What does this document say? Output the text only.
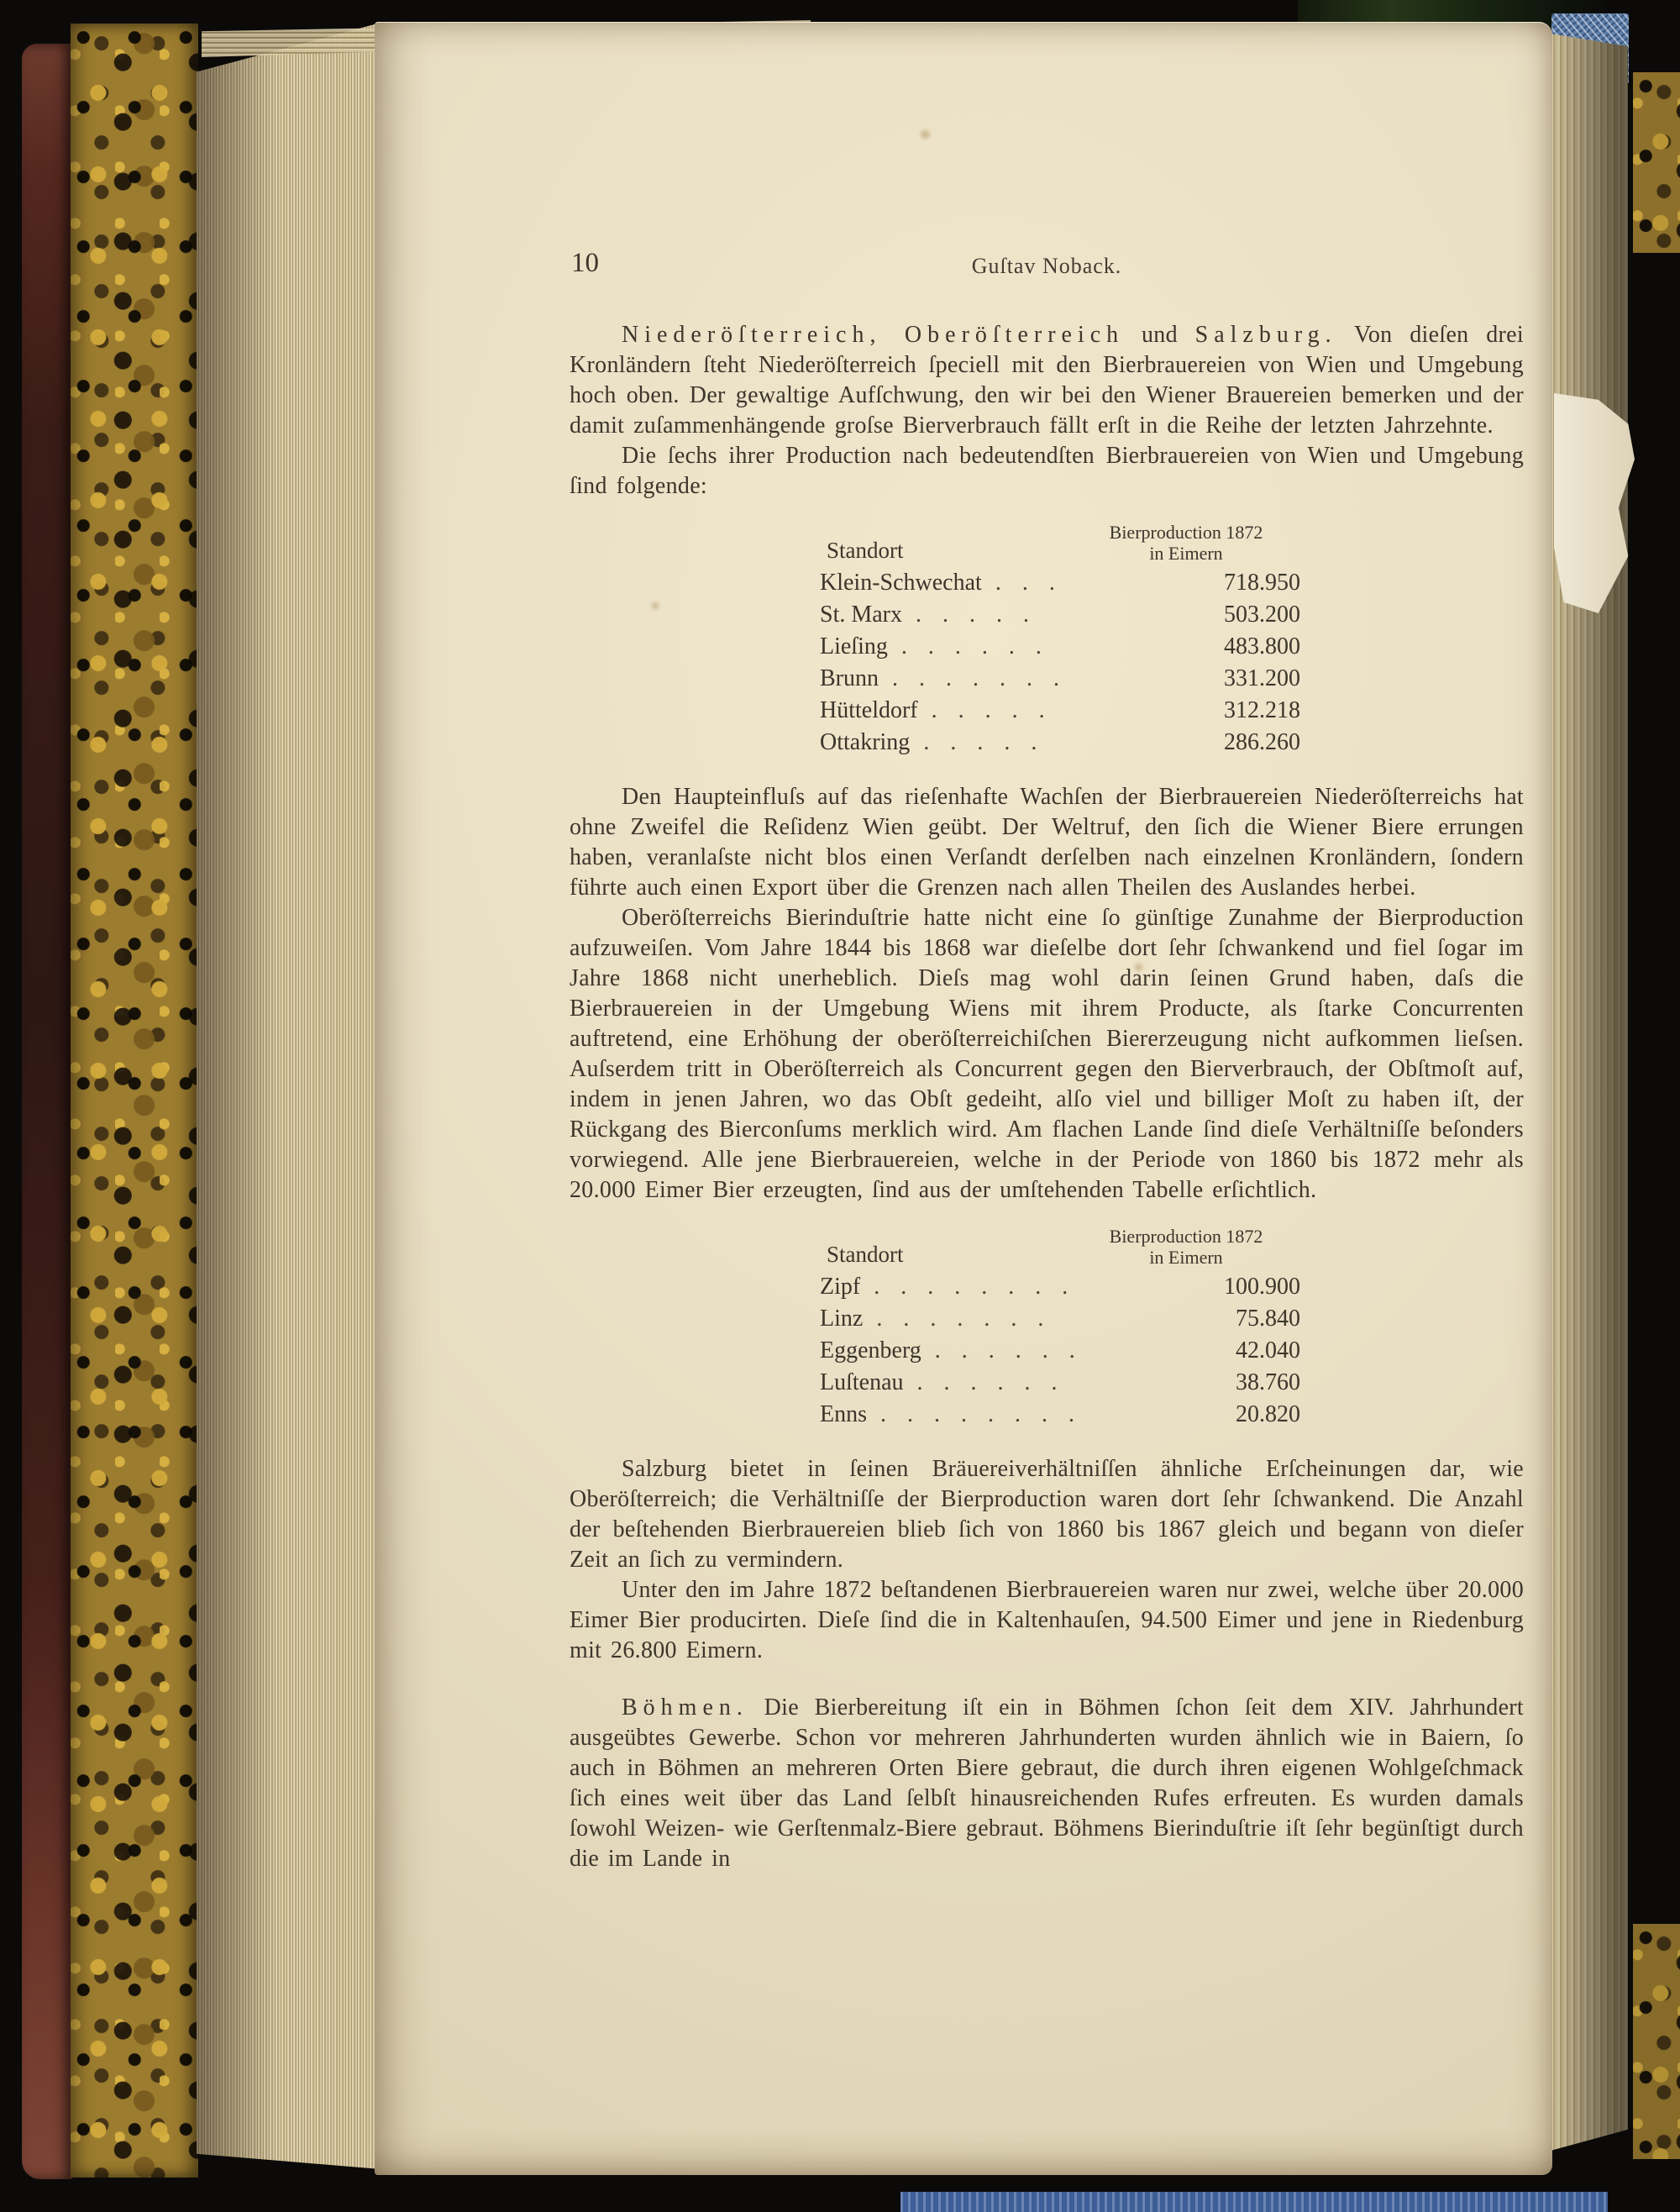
10	Guſtav Noback.

Niederöſterreich, Oberöſterreich und Salzburg. Von dieſen drei Kronländern ſteht Niederöſterreich ſpeciell mit den Bierbrauereien von Wien und Umgebung hoch oben. Der gewaltige Aufſchwung, den wir bei den Wiener Brauereien bemerken und der damit zuſammenhängende groſse Bierverbrauch fällt erſt in die Reihe der letzten Jahrzehnte.

Die ſechs ihrer Production nach bedeutendſten Bierbrauereien von Wien und Umgebung ſind folgende:

Standort
Bierproduction 1872
in Eimern
Klein-Schwechat . . .	718.950
St. Marx . . . . .	503.200
Lieſing . . . . . .	483.800
Brunn . . . . . . .	331.200
Hütteldorf . . . . .	312.218
Ottakring . . . . .	286.260

Den Haupteinfluſs auf das rieſenhafte Wachſen der Bierbrauereien Niederöſterreichs hat ohne Zweifel die Reſidenz Wien geübt. Der Weltruf, den ſich die Wiener Biere errungen haben, veranlaſste nicht blos einen Verſandt derſelben nach einzelnen Kronländern, ſondern führte auch einen Export über die Grenzen nach allen Theilen des Auslandes herbei.

Oberöſterreichs Bierinduſtrie hatte nicht eine ſo günſtige Zunahme der Bierproduction aufzuweiſen. Vom Jahre 1844 bis 1868 war dieſelbe dort ſehr ſchwankend und fiel ſogar im Jahre 1868 nicht unerheblich. Dieſs mag wohl darin ſeinen Grund haben, daſs die Bierbrauereien in der Umgebung Wiens mit ihrem Producte, als ſtarke Concurrenten auftretend, eine Erhöhung der oberöſterreichiſchen Biererzeugung nicht aufkommen lieſsen. Auſserdem tritt in Oberöſterreich als Concurrent gegen den Bierverbrauch, der Obſtmoſt auf, indem in jenen Jahren, wo das Obſt gedeiht, alſo viel und billiger Moſt zu haben iſt, der Rückgang des Bierconſums merklich wird. Am flachen Lande ſind dieſe Verhältniſſe beſonders vorwiegend. Alle jene Bierbrauereien, welche in der Periode von 1860 bis 1872 mehr als 20.000 Eimer Bier erzeugten, ſind aus der umſtehenden Tabelle erſichtlich.

Standort
Bierproduction 1872
in Eimern
Zipf . . . . . . . .	100.900
Linz . . . . . . .	75.840
Eggenberg . . . . . .	42.040
Luſtenau . . . . . .	38.760
Enns . . . . . . . .	20.820

Salzburg bietet in ſeinen Bräuereiverhältniſſen ähnliche Erſcheinungen dar, wie Oberöſterreich; die Verhältniſſe der Bierproduction waren dort ſehr ſchwankend. Die Anzahl der beſtehenden Bierbrauereien blieb ſich von 1860 bis 1867 gleich und begann von dieſer Zeit an ſich zu vermindern.

Unter den im Jahre 1872 beſtandenen Bierbrauereien waren nur zwei, welche über 20.000 Eimer Bier producirten. Dieſe ſind die in Kaltenhauſen, 94.500 Eimer und jene in Riedenburg mit 26.800 Eimern.

Böhmen. Die Bierbereitung iſt ein in Böhmen ſchon ſeit dem XIV. Jahrhundert ausgeübtes Gewerbe. Schon vor mehreren Jahrhunderten wurden ähnlich wie in Baiern, ſo auch in Böhmen an mehreren Orten Biere gebraut, die durch ihren eigenen Wohlgeſchmack ſich eines weit über das Land ſelbſt hinausreichenden Rufes erfreuten. Es wurden damals ſowohl Weizen- wie Gerſtenmalz-Biere gebraut. Böhmens Bierinduſtrie iſt ſehr begünſtigt durch die im Lande in
